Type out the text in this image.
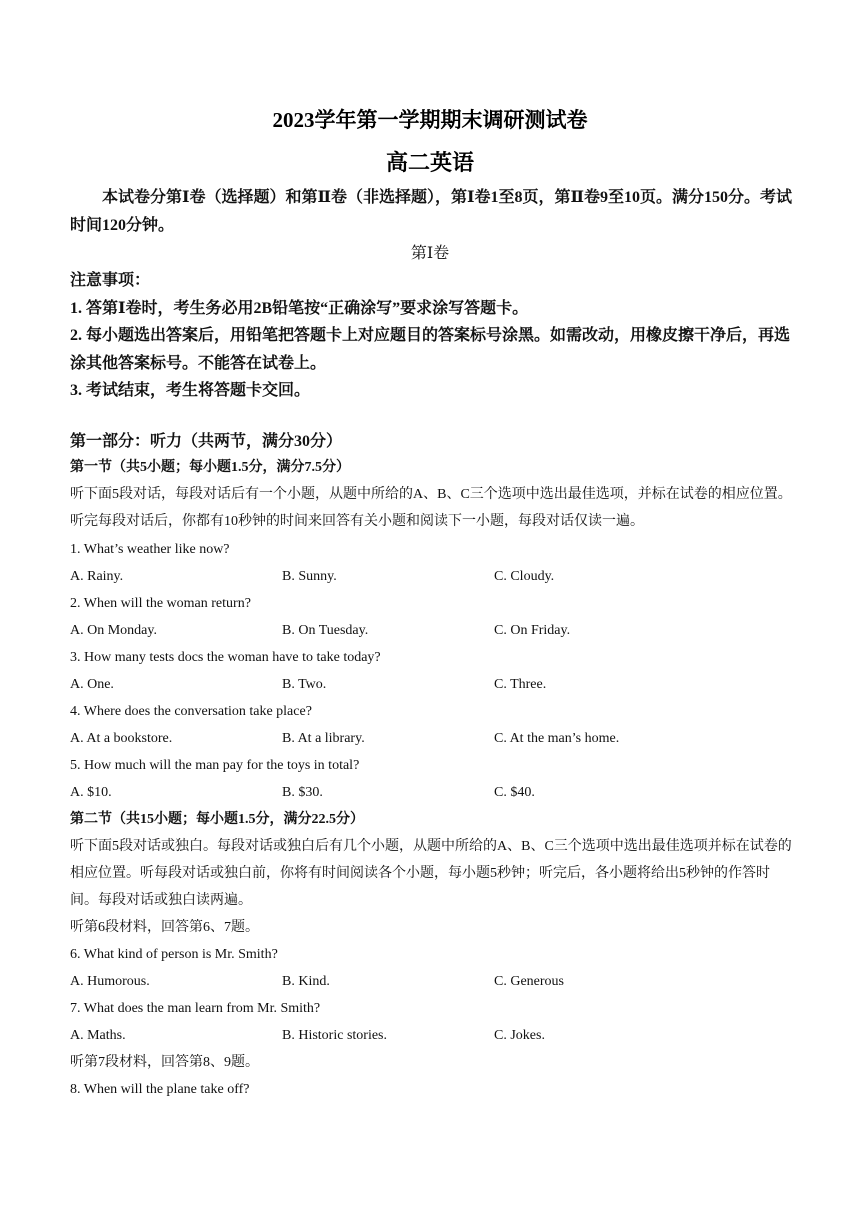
2023学年第一学期期末调研测试卷
高二英语

本试卷分第Ⅰ卷（选择题）和第Ⅱ卷（非选择题），第Ⅰ卷1至8页，第Ⅱ卷9至10页。满分150分。考试时间120分钟。

第Ⅰ卷

注意事项：

1. 答第Ⅰ卷时，考生务必用2B铅笔按“正确涂写”要求涂写答题卡。

2. 每小题选出答案后，用铅笔把答题卡上对应题目的答案标号涂黑。如需改动，用橡皮擦干净后，再选涂其他答案标号。不能答在试卷上。

3. 考试结束，考生将答题卡交回。

第一部分：听力（共两节，满分30分）
第一节（共5小题；每小题1.5分，满分7.5分）

听下面5段对话，每段对话后有一个小题，从题中所给的A、B、C三个选项中选出最佳选项，并标在试卷的相应位置。听完每段对话后，你都有10秒钟的时间来回答有关小题和阅读下一小题，每段对话仅读一遍。

1. What’s weather like now?
A. Rainy.	B. Sunny.	C. Cloudy.
2. When will the woman return?
A. On Monday.	B. On Tuesday.	C. On Friday.
3. How many tests docs the woman have to take today?
A. One.	B. Two.	C. Three.
4. Where does the conversation take place?
A. At a bookstore.	B. At a library.	C. At the man’s home.
5. How much will the man pay for the toys in total?
A. $10.	B. $30.	C. $40.
第二节（共15小题；每小题1.5分，满分22.5分）

听下面5段对话或独白。每段对话或独白后有几个小题，从题中所给的A、B、C三个选项中选出最佳选项并标在试卷的相应位置。听每段对话或独白前，你将有时间阅读各个小题，每小题5秒钟；听完后，各小题将给出5秒钟的作答时间。每段对话或独白读两遍。

听第6段材料，回答第6、7题。
6. What kind of person is Mr. Smith?
A. Humorous.	B. Kind.	C. Generous
7. What does the man learn from Mr. Smith?
A. Maths.	B. Historic stories.	C. Jokes.
听第7段材料，回答第8、9题。
8. When will the plane take off?
